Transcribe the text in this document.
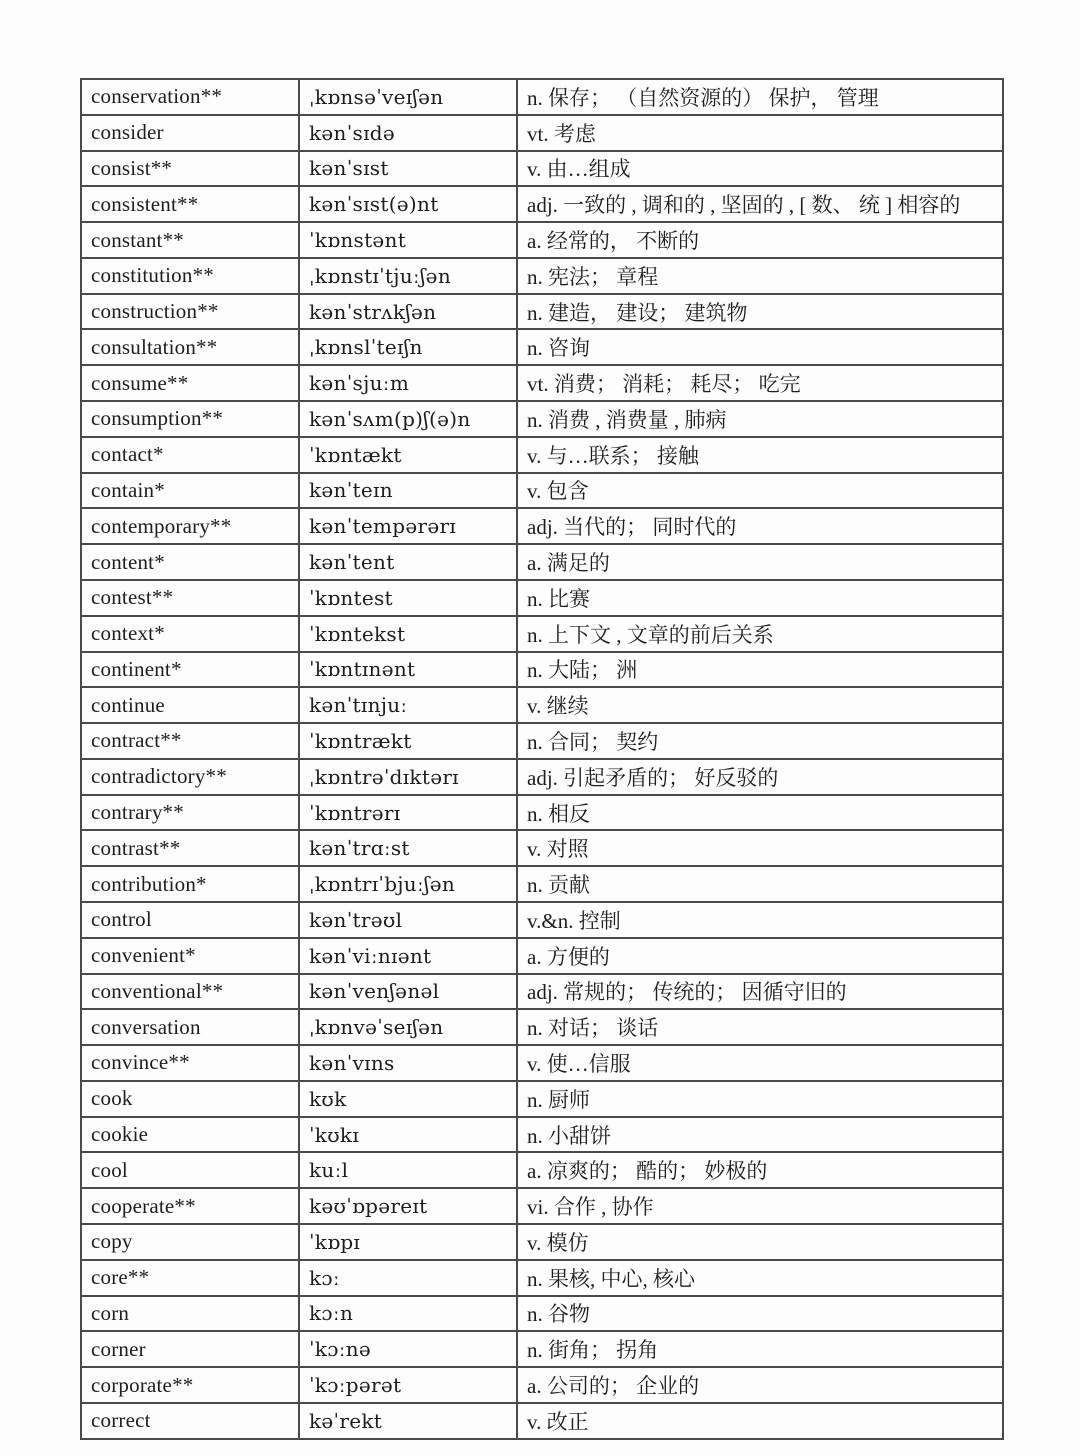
conservation**	ˌkɒnsəˈveɪʃən	n. 保存； （自然资源的） 保护， 管理
consider	kənˈsɪdə	vt. 考虑
consist**	kənˈsɪst	v. 由…组成
consistent**	kənˈsɪst(ə)nt	adj. 一致的 , 调和的 , 坚固的 , [ 数、 统 ] 相容的
constant**	ˈkɒnstənt	a. 经常的， 不断的
constitution**	ˌkɒnstɪˈtjuːʃən	n. 宪法； 章程
construction**	kənˈstrʌkʃən	n. 建造， 建设； 建筑物
consultation**	ˌkɒnslˈteɪʃn	n. 咨询
consume**	kənˈsjuːm	vt. 消费； 消耗； 耗尽； 吃完
consumption**	kənˈsʌm(p)ʃ(ə)n	n. 消费 , 消费量 , 肺病
contact*	ˈkɒntækt	v. 与…联系； 接触
contain*	kənˈteɪn	v. 包含
contemporary**	kənˈtempərərɪ	adj. 当代的； 同时代的
content*	kənˈtent	a. 满足的
contest**	ˈkɒntest	n. 比赛
context*	ˈkɒntekst	n. 上下文 , 文章的前后关系
continent*	ˈkɒntɪnənt	n. 大陆； 洲
continue	kənˈtɪnjuː	v. 继续
contract**	ˈkɒntrækt	n. 合同； 契约
contradictory**	ˌkɒntrəˈdɪktərɪ	adj. 引起矛盾的； 好反驳的
contrary**	ˈkɒntrərɪ	n. 相反
contrast**	kənˈtrɑːst	v. 对照
contribution*	ˌkɒntrɪˈbjuːʃən	n. 贡献
control	kənˈtrəʊl	v.&n. 控制
convenient*	kənˈviːnɪənt	a. 方便的
conventional**	kənˈvenʃənəl	adj. 常规的； 传统的； 因循守旧的
conversation	ˌkɒnvəˈseɪʃən	n. 对话； 谈话
convince**	kənˈvɪns	v. 使…信服
cook	kʊk	n. 厨师
cookie	ˈkʊkɪ	n. 小甜饼
cool	kuːl	a. 凉爽的； 酷的； 妙极的
cooperate**	kəʊˈɒpəreɪt	vi. 合作 , 协作
copy	ˈkɒpɪ	v. 模仿
core**	kɔː	n. 果核, 中心, 核心
corn	kɔːn	n. 谷物
corner	ˈkɔːnə	n. 街角； 拐角
corporate**	ˈkɔːpərət	a. 公司的； 企业的
correct	kəˈrekt	v. 改正
